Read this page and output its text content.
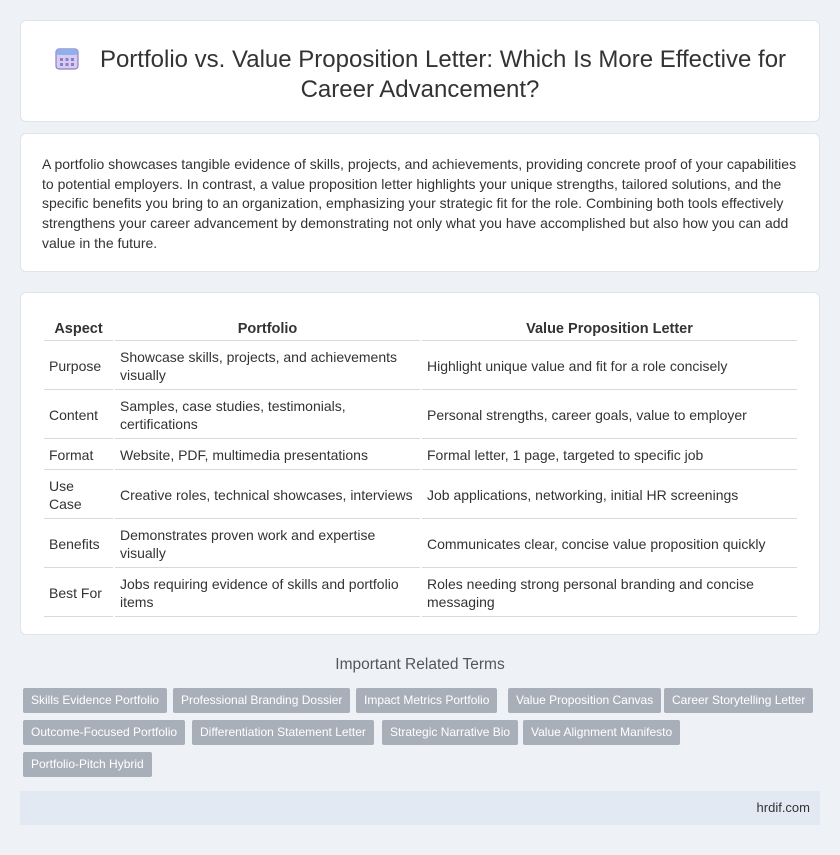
Portfolio vs. Value Proposition Letter: Which Is More Effective for
Career Advancement?

A portfolio showcases tangible evidence of skills, projects, and achievements, providing concrete proof of your capabilities to potential employers. In contrast, a value proposition letter highlights your unique strengths, tailored solutions, and the specific benefits you bring to an organization, emphasizing your strategic fit for the role. Combining both tools effectively strengthens your career advancement by demonstrating not only what you have accomplished but also how you can add value in the future.

Aspect	Portfolio	Value Proposition Letter
Purpose	Showcase skills, projects, and achievements visually	Highlight unique value and fit for a role concisely
Content	Samples, case studies, testimonials, certifications	Personal strengths, career goals, value to employer
Format	Website, PDF, multimedia presentations	Formal letter, 1 page, targeted to specific job
Use Case	Creative roles, technical showcases, interviews	Job applications, networking, initial HR screenings
Benefits	Demonstrates proven work and expertise visually	Communicates clear, concise value proposition quickly
Best For	Jobs requiring evidence of skills and portfolio items	Roles needing strong personal branding and concise messaging
Important Related Terms
Skills Evidence Portfolio	Professional Branding Dossier	Impact Metrics Portfolio	Value Proposition Canvas	Career Storytelling Letter
Outcome-Focused Portfolio	Differentiation Statement Letter	Strategic Narrative Bio	Value Alignment Manifesto
Portfolio-Pitch Hybrid
hrdif.com
